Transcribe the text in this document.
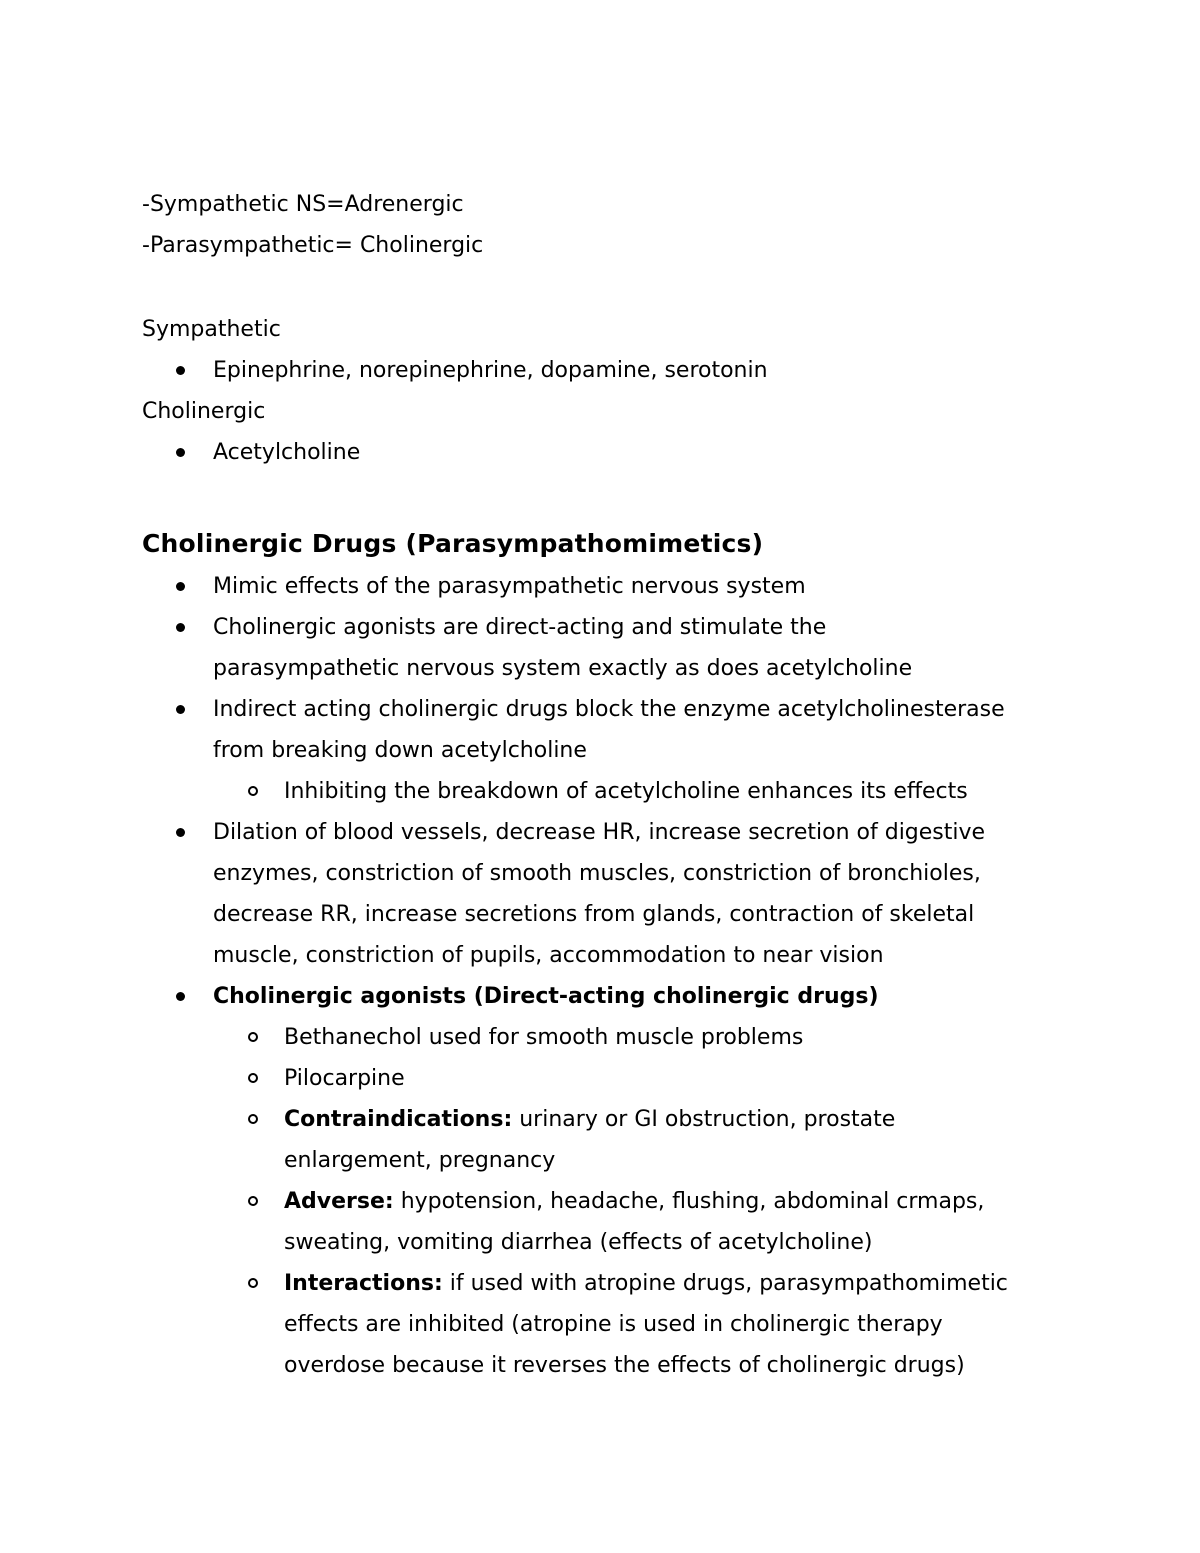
-Sympathetic NS=Adrenergic

-Parasympathetic= Cholinergic

Sympathetic

Epinephrine, norepinephrine, dopamine, serotonin

Cholinergic

Acetylcholine
Cholinergic Drugs (Parasympathomimetics)
Mimic effects of the parasympathetic nervous system
Cholinergic agonists are direct-acting and stimulate the
parasympathetic nervous system exactly as does acetylcholine
Indirect acting cholinergic drugs block the enzyme acetylcholinesterase
from breaking down acetylcholine
Inhibiting the breakdown of acetylcholine enhances its effects
Dilation of blood vessels, decrease HR, increase secretion of digestive
enzymes, constriction of smooth muscles, constriction of bronchioles,
decrease RR, increase secretions from glands, contraction of skeletal
muscle, constriction of pupils, accommodation to near vision
Cholinergic agonists (Direct-acting cholinergic drugs)
Bethanechol used for smooth muscle problems
Pilocarpine
Contraindications: urinary or GI obstruction, prostate
enlargement, pregnancy
Adverse: hypotension, headache, flushing, abdominal crmaps,
sweating, vomiting diarrhea (effects of acetylcholine)
Interactions: if used with atropine drugs, parasympathomimetic
effects are inhibited (atropine is used in cholinergic therapy
overdose because it reverses the effects of cholinergic drugs)
